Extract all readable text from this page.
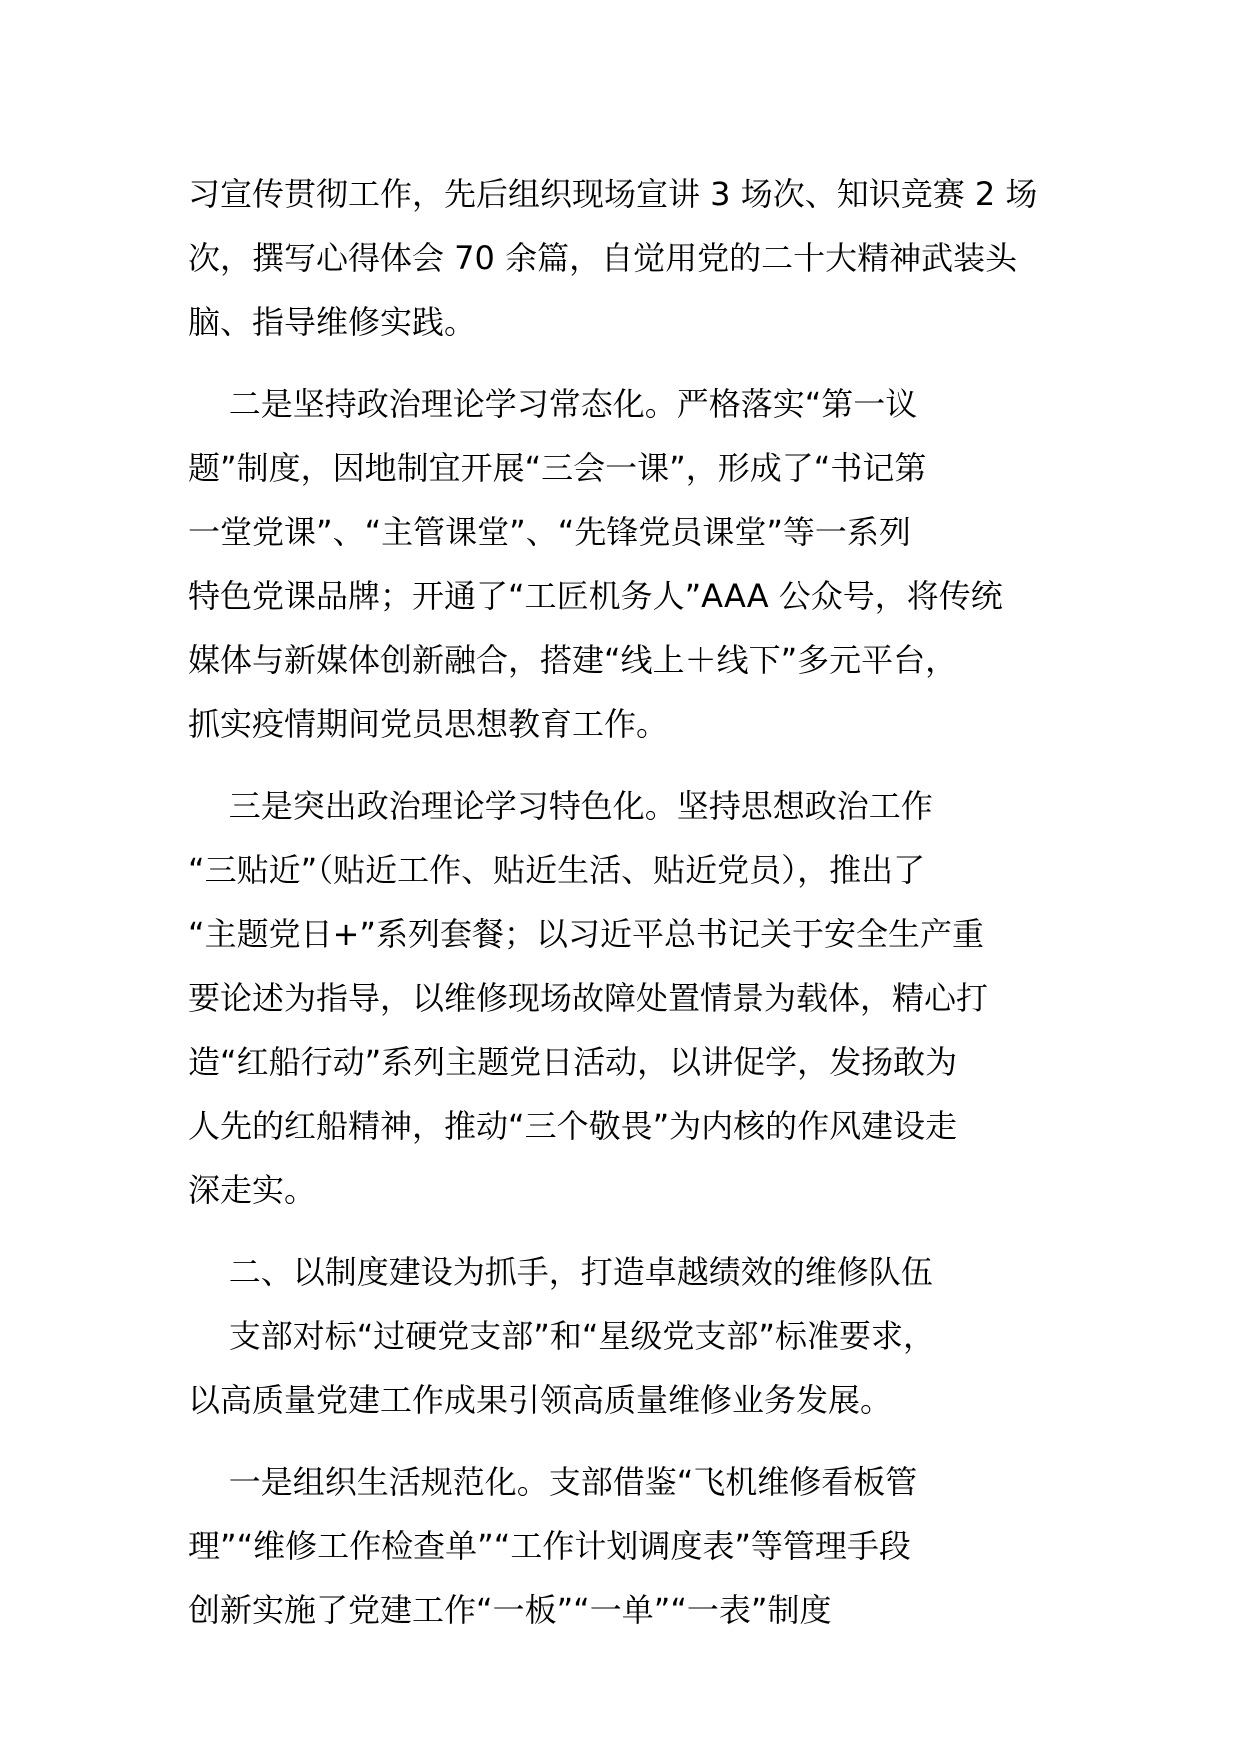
习宣传贯彻工作，先后组织现场宣讲 3 场次、知识竞赛 2 场
次，撰写心得体会 70 余篇，自觉用党的二十大精神武装头
脑、指导维修实践。
二是坚持政治理论学习常态化。严格落实“第一议
题”制度，因地制宜开展“三会一课”，形成了“书记第
一堂党课”、“主管课堂”、“先锋党员课堂”等一系列
特色党课品牌；开通了“工匠机务人”AAA 公众号，将传统
媒体与新媒体创新融合，搭建“线上＋线下”多元平台，
抓实疫情期间党员思想教育工作。
三是突出政治理论学习特色化。坚持思想政治工作
“三贴近”（贴近工作、贴近生活、贴近党员），推出了
“主题党日+”系列套餐；以习近平总书记关于安全生产重
要论述为指导，以维修现场故障处置情景为载体，精心打
造“红船行动”系列主题党日活动，以讲促学，发扬敢为
人先的红船精神，推动“三个敬畏”为内核的作风建设走
深走实。
二、以制度建设为抓手，打造卓越绩效的维修队伍
支部对标“过硬党支部”和“星级党支部”标准要求，
以高质量党建工作成果引领高质量维修业务发展。
一是组织生活规范化。支部借鉴“飞机维修看板管
理”“维修工作检查单”“工作计划调度表”等管理手段
创新实施了党建工作“一板”“一单”“一表”制度
